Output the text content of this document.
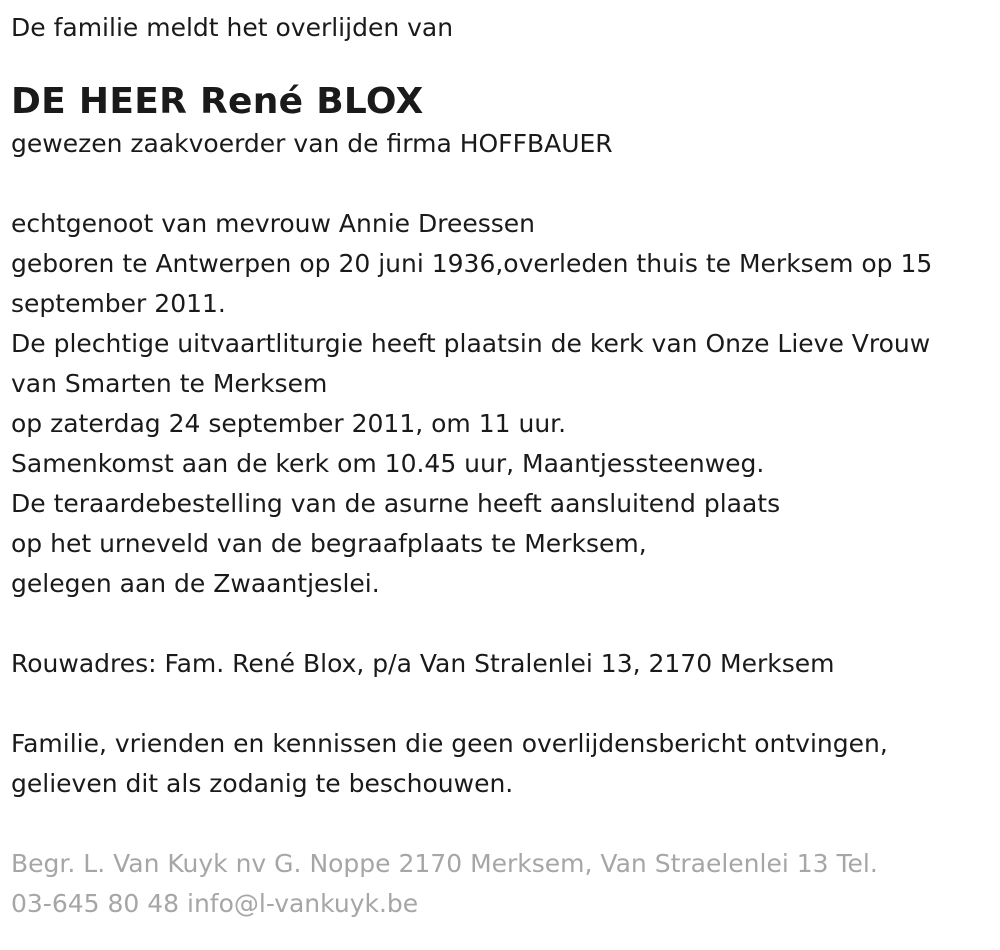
De familie meldt het overlijden van

DE HEER René BLOX

gewezen zaakvoerder van de firma HOFFBAUER

echtgenoot van mevrouw Annie Dreessen

geboren te Antwerpen op 20 juni 1936,overleden thuis te Merksem op 15

september 2011.

De plechtige uitvaartliturgie heeft plaatsin de kerk van Onze Lieve Vrouw

van Smarten te Merksem

op zaterdag 24 september 2011, om 11 uur.

Samenkomst aan de kerk om 10.45 uur, Maantjessteenweg.

De teraardebestelling van de asurne heeft aansluitend plaats

op het urneveld van de begraafplaats te Merksem,

gelegen aan de Zwaantjeslei.

Rouwadres: Fam. René Blox, p/a Van Stralenlei 13, 2170 Merksem

Familie, vrienden en kennissen die geen overlijdensbericht ontvingen,

gelieven dit als zodanig te beschouwen.

Begr. L. Van Kuyk nv G. Noppe 2170 Merksem, Van Straelenlei 13 Tel.

03-645 80 48 info@l-vankuyk.be
